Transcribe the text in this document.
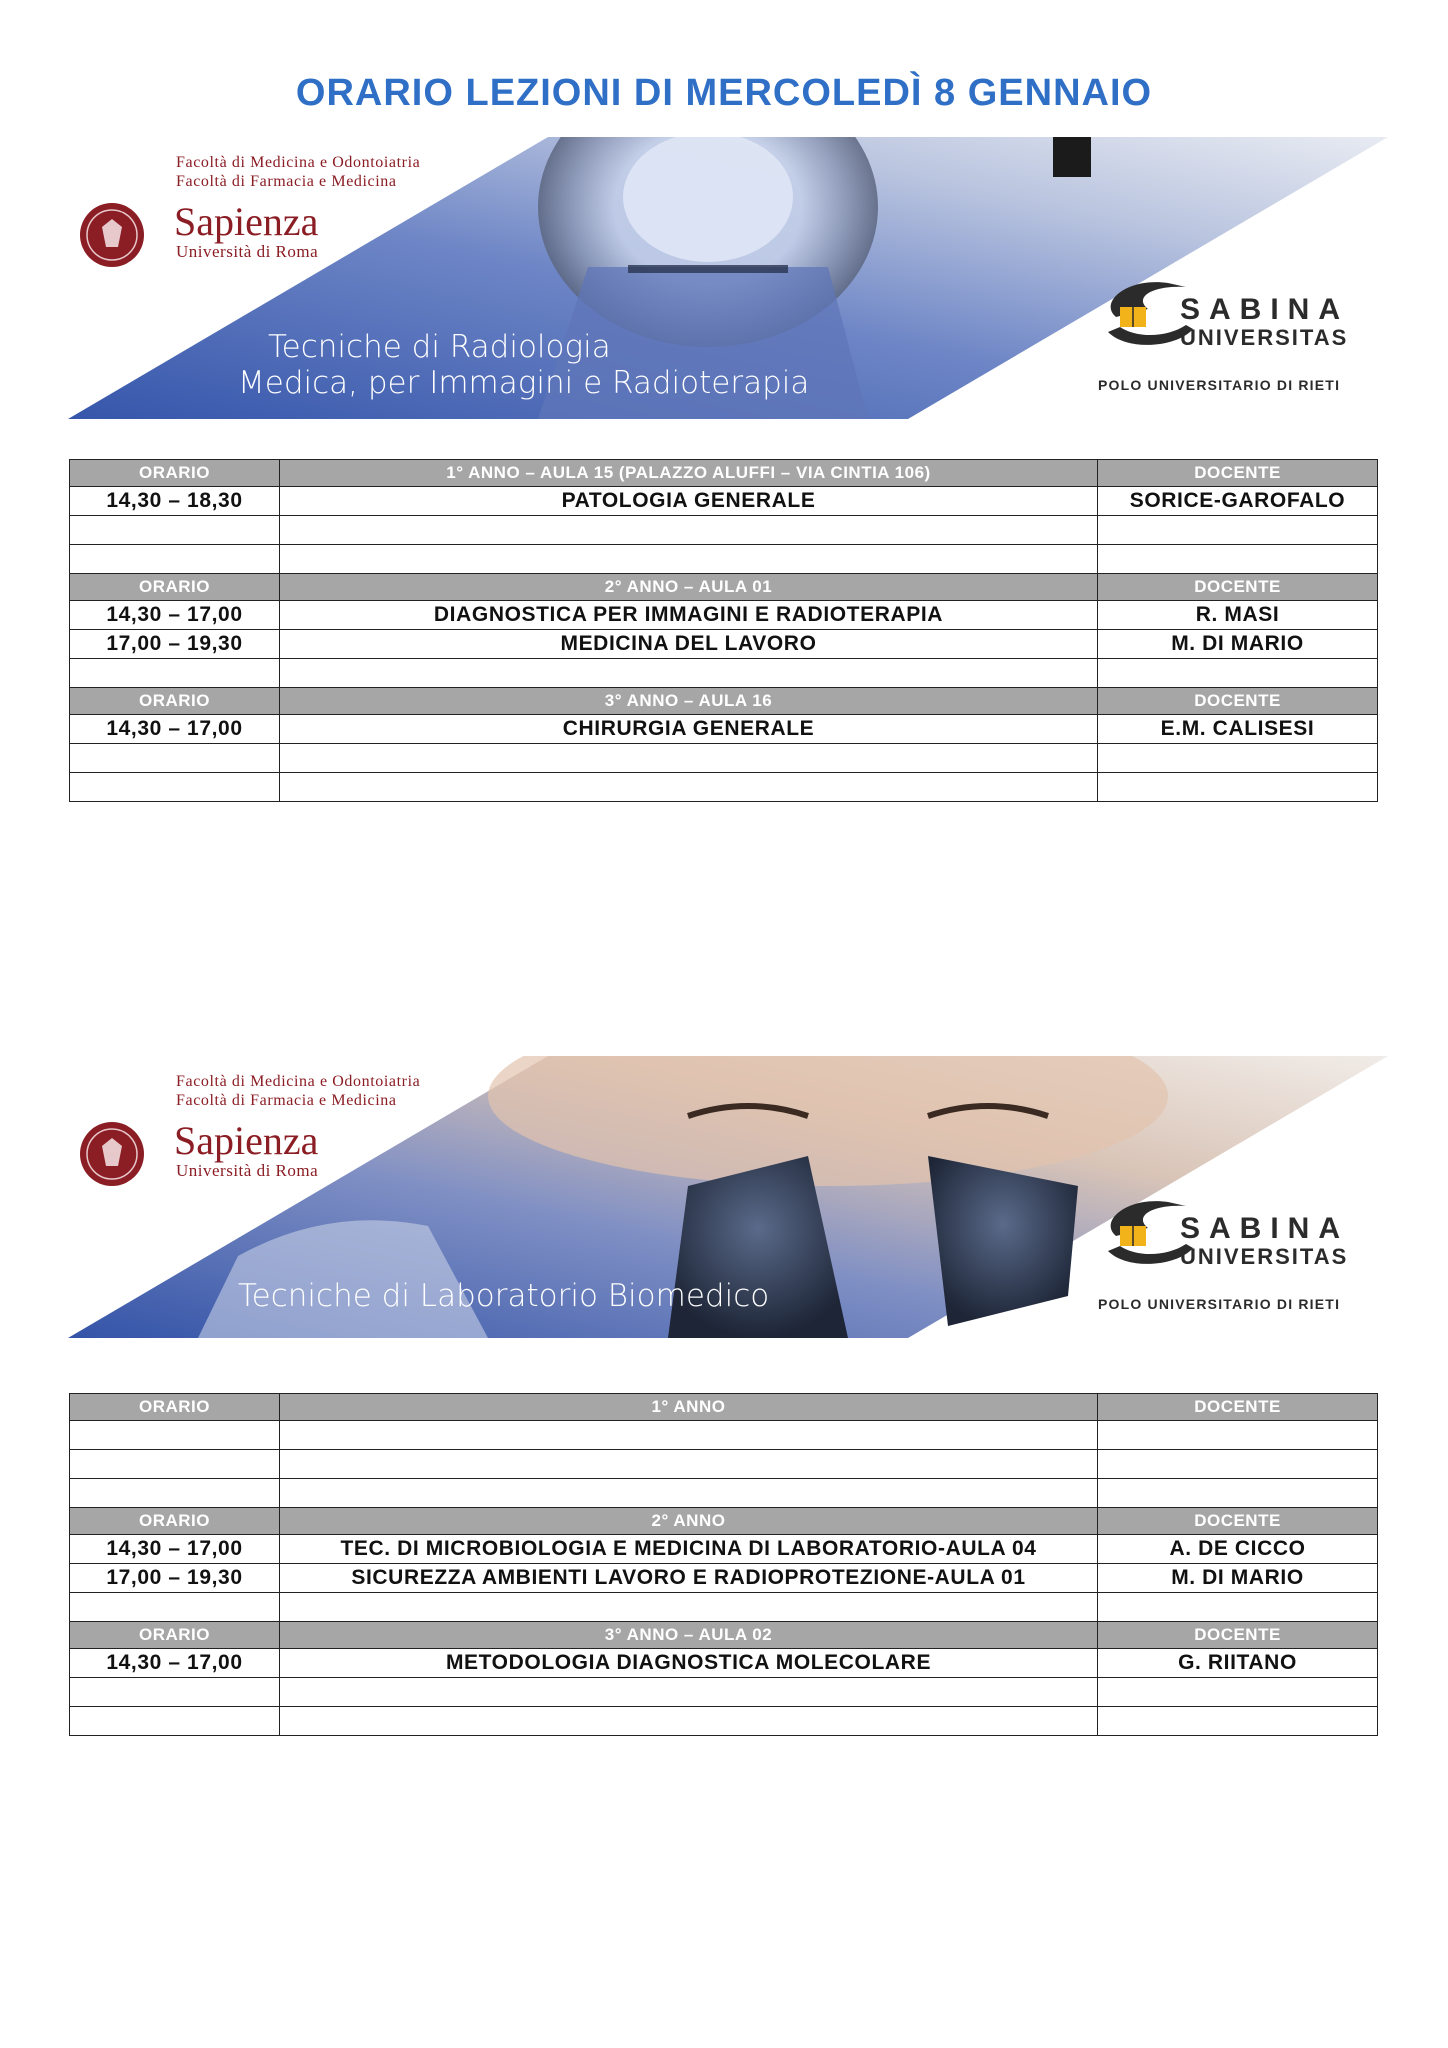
ORARIO LEZIONI DI MERCOLEDÌ 8 GENNAIO
Facoltà di Medicina e Odontoiatria
Facoltà di Farmacia e Medicina
Sapienza
Università di Roma
Tecniche di Radiologia
Medica, per Immagini e Radioterapia
SABINA
UNIVERSITAS
POLO UNIVERSITARIO DI RIETI
ORARIO	1° ANNO – AULA 15 (PALAZZO ALUFFI – VIA CINTIA 106)	DOCENTE
14,30 – 18,30	PATOLOGIA GENERALE	SORICE-GAROFALO

ORARIO	2° ANNO – AULA 01	DOCENTE
14,30 – 17,00	DIAGNOSTICA PER IMMAGINI E RADIOTERAPIA	R. MASI
17,00 – 19,30	MEDICINA DEL LAVORO	M. DI MARIO

ORARIO	3° ANNO – AULA 16	DOCENTE
14,30 – 17,00	CHIRURGIA GENERALE	E.M. CALISESI

Facoltà di Medicina e Odontoiatria
Facoltà di Farmacia e Medicina
Sapienza
Università di Roma
Tecniche di Laboratorio Biomedico
SABINA
UNIVERSITAS
POLO UNIVERSITARIO DI RIETI
ORARIO	1° ANNO	DOCENTE

ORARIO	2° ANNO	DOCENTE
14,30 – 17,00	TEC. DI MICROBIOLOGIA E MEDICINA DI LABORATORIO-AULA 04	A. DE CICCO
17,00 – 19,30	SICUREZZA AMBIENTI LAVORO E RADIOPROTEZIONE-AULA 01	M. DI MARIO

ORARIO	3° ANNO – AULA 02	DOCENTE
14,30 – 17,00	METODOLOGIA DIAGNOSTICA MOLECOLARE	G. RIITANO
